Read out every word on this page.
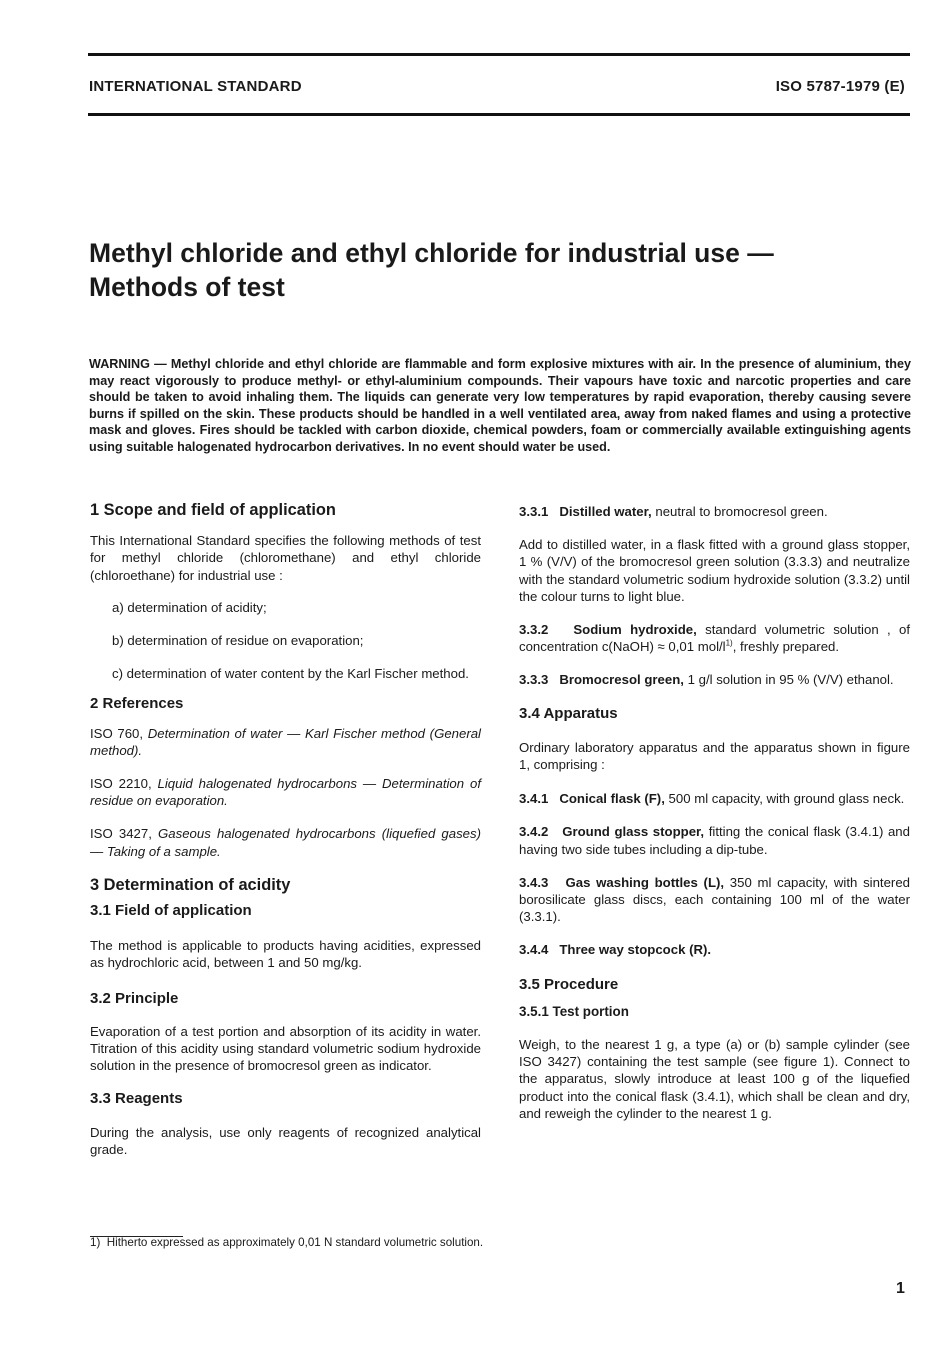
INTERNATIONAL STANDARD	ISO 5787-1979 (E)
Methyl chloride and ethyl chloride for industrial use —
Methods of test

WARNING — Methyl chloride and ethyl chloride are flammable and form explosive mixtures with air. In the presence of aluminium, they may react vigorously to produce methyl- or ethyl-aluminium compounds. Their vapours have toxic and narcotic properties and care should be taken to avoid inhaling them. The liquids can generate very low temperatures by rapid evaporation, thereby causing severe burns if spilled on the skin. These products should be handled in a well ventilated area, away from naked flames and using a protective mask and gloves. Fires should be tackled with carbon dioxide, chemical powders, foam or commercially available extinguishing agents using suitable halogenated hydrocarbon derivatives. In no event should water be used.

1 Scope and field of application

This International Standard specifies the following methods of test for methyl chloride (chloromethane) and ethyl chloride (chloroethane) for industrial use :

a) determination of acidity;

b) determination of residue on evaporation;

c) determination of water content by the Karl Fischer method.

2 References

ISO 760, Determination of water — Karl Fischer method (General method).

ISO 2210, Liquid halogenated hydrocarbons — Determination of residue on evaporation.

ISO 3427, Gaseous halogenated hydrocarbons (liquefied gases) — Taking of a sample.

3 Determination of acidity

3.1 Field of application

The method is applicable to products having acidities, expressed as hydrochloric acid, between 1 and 50 mg/kg.

3.2 Principle

Evaporation of a test portion and absorption of its acidity in water. Titration of this acidity using standard volumetric sodium hydroxide solution in the presence of bromocresol green as indicator.

3.3 Reagents

During the analysis, use only reagents of recognized analytical grade.

3.3.1 Distilled water, neutral to bromocresol green.

Add to distilled water, in a flask fitted with a ground glass stopper, 1 % (V/V) of the bromocresol green solution (3.3.3) and neutralize with the standard volumetric sodium hydroxide solution (3.3.2) until the colour turns to light blue.

3.3.2 Sodium hydroxide, standard volumetric solution , of concentration c(NaOH) ≈ 0,01 mol/$l^{1)}$, freshly prepared.

3.3.3 Bromocresol green, 1 g/l solution in 95 % (V/V) ethanol.

3.4 Apparatus

Ordinary laboratory apparatus and the apparatus shown in figure 1, comprising :

3.4.1 Conical flask (F), 500 ml capacity, with ground glass neck.

3.4.2 Ground glass stopper, fitting the conical flask (3.4.1) and having two side tubes including a dip-tube.

3.4.3 Gas washing bottles (L), 350 ml capacity, with sintered borosilicate glass discs, each containing 100 ml of the water (3.3.1).

3.4.4 Three way stopcock (R).

3.5 Procedure

3.5.1 Test portion

Weigh, to the nearest 1 g, a type (a) or (b) sample cylinder (see ISO 3427) containing the test sample (see figure 1). Connect to the apparatus, slowly introduce at least 100 g of the liquefied product into the conical flask (3.4.1), which shall be clean and dry, and reweigh the cylinder to the nearest 1 g.

1) Hitherto expressed as approximately 0,01 N standard volumetric solution.

1
